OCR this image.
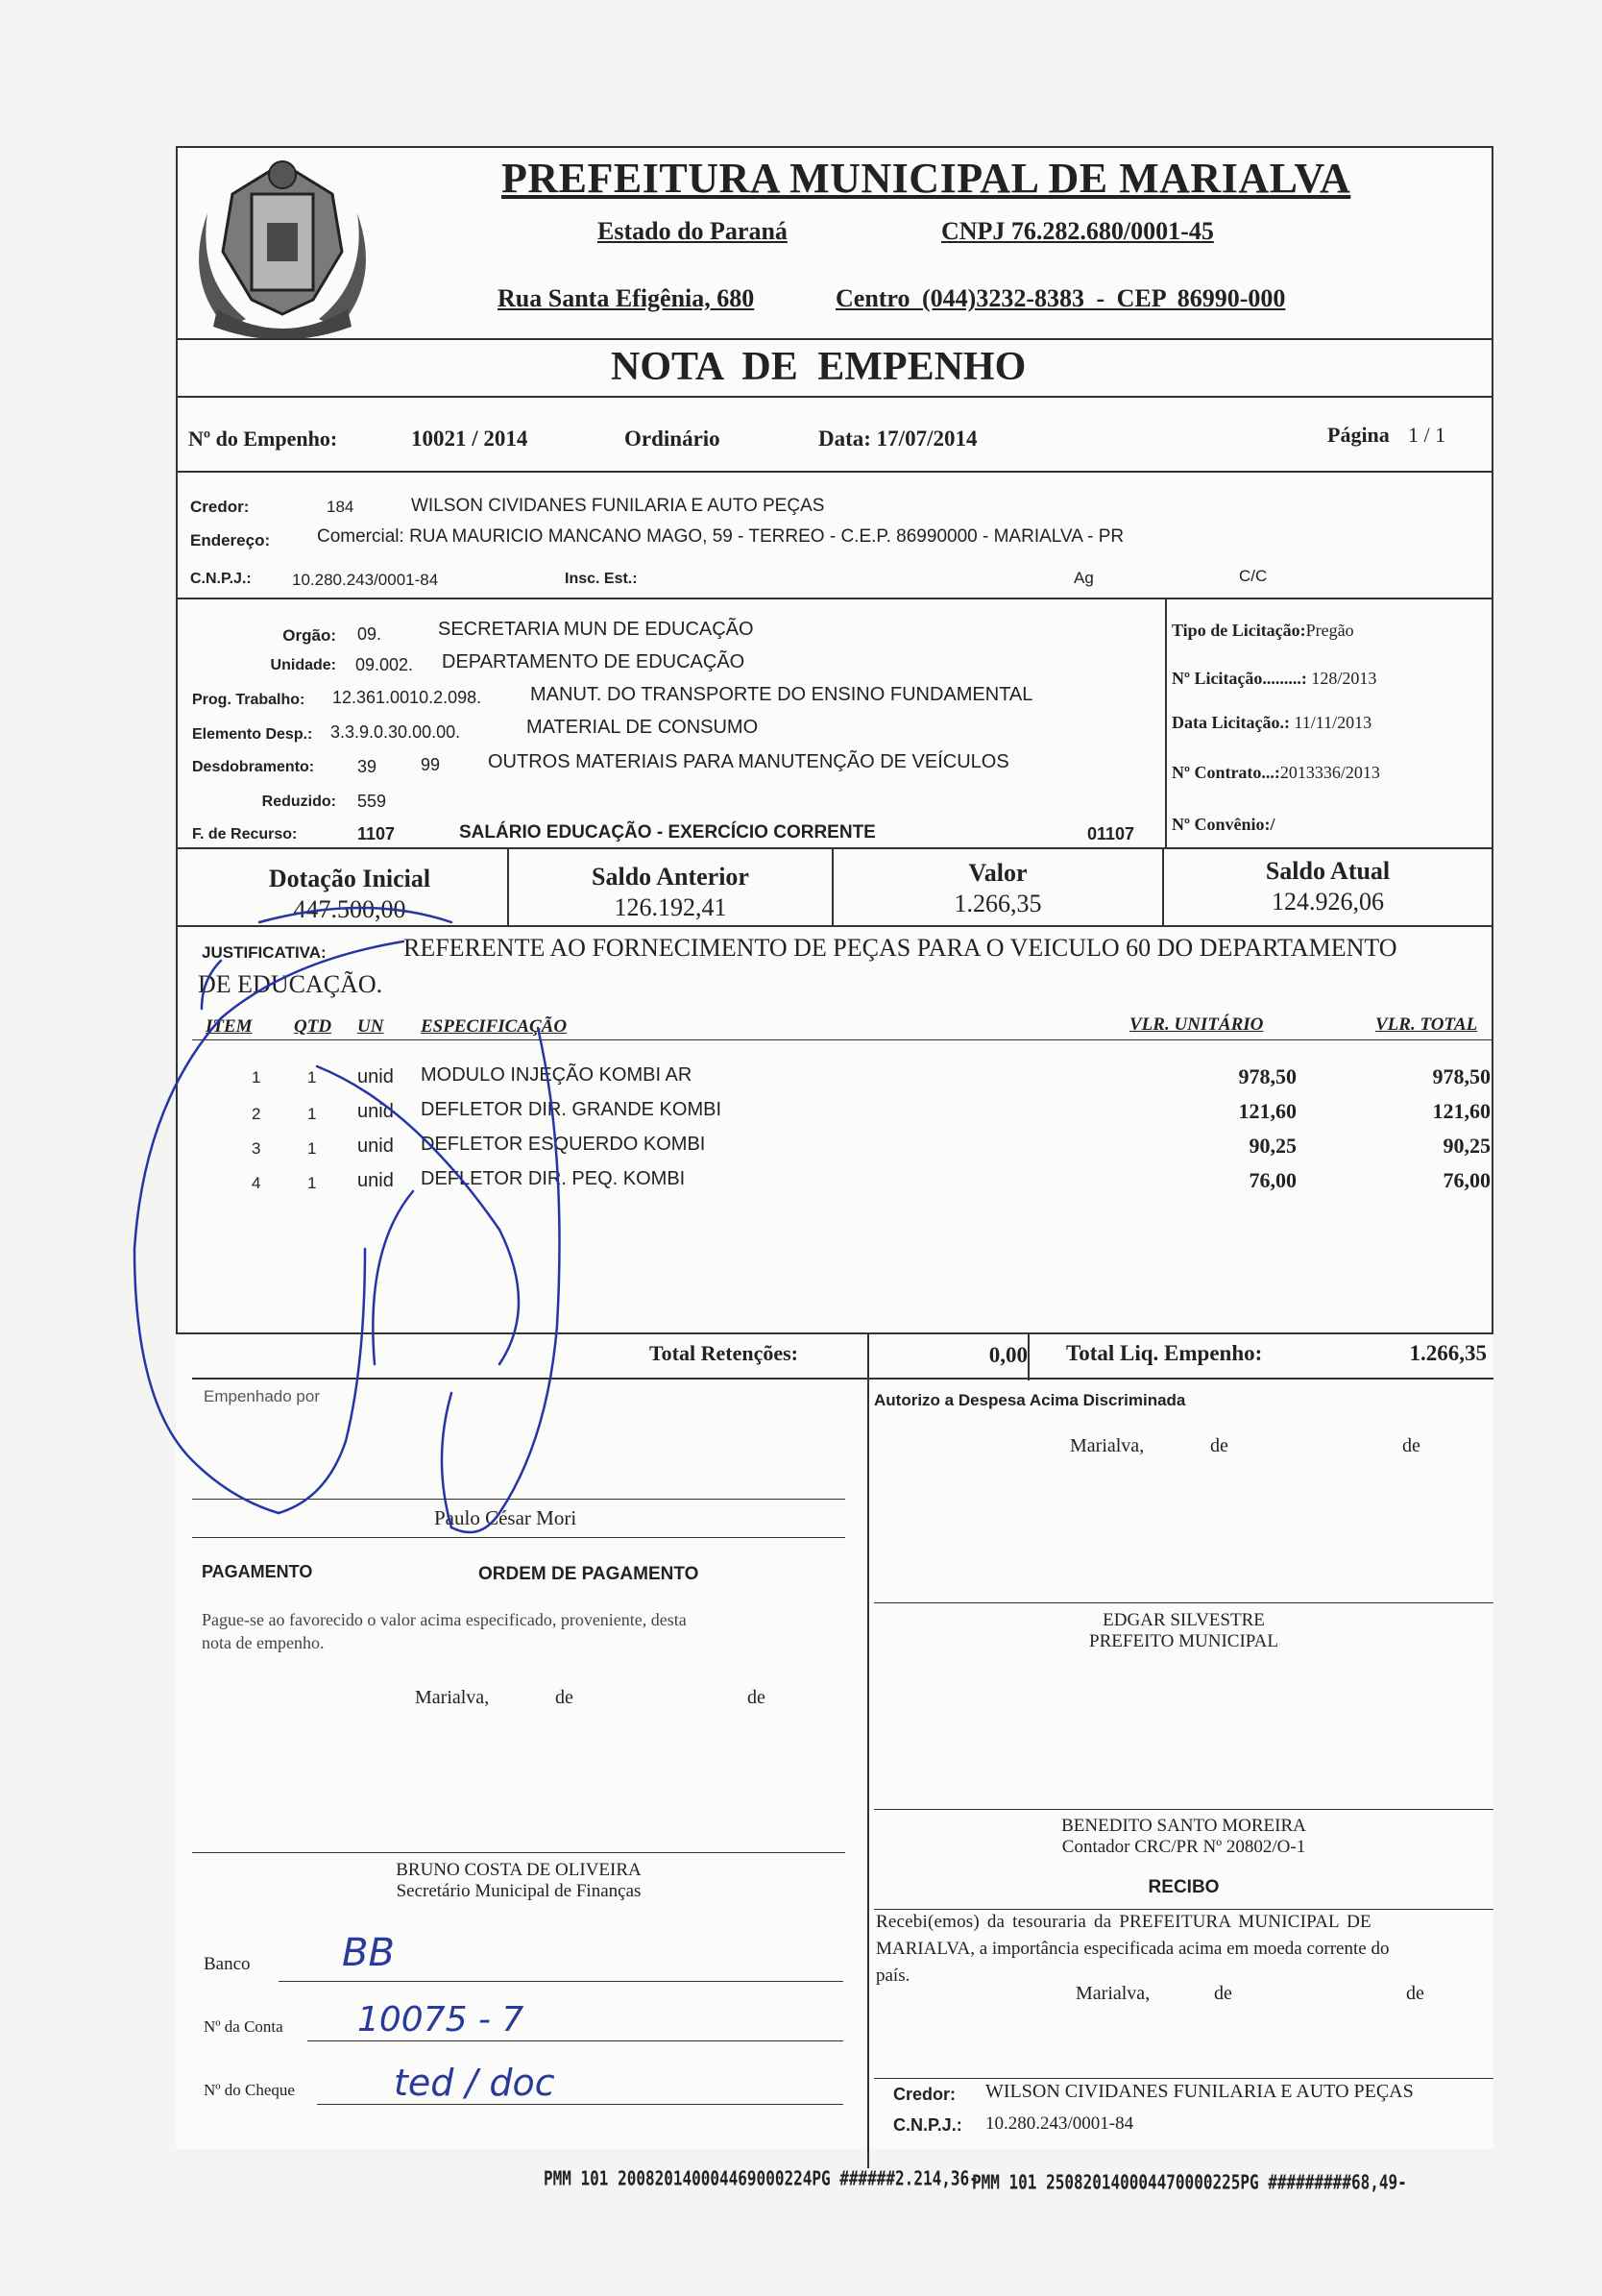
PREFEITURA MUNICIPAL DE MARIALVA
Estado do Paraná	CNPJ 76.282.680/0001-45
Rua Santa Efigênia, 680	Centro (044)3232-8383 - CEP 86990-000
NOTA DE EMPENHO
Nº do Empenho:	10021 / 2014	Ordinário	Data: 17/07/2014	Página 1 / 1
Credor:	184	WILSON CIVIDANES FUNILARIA E AUTO PEÇAS
Endereço:	Comercial: RUA MAURICIO MANCANO MAGO, 59 - TERREO - C.E.P. 86990000 - MARIALVA - PR
C.N.P.J.: 10.280.243/0001-84	Insc. Est.:	Ag	C/C
Orgão: 09.	SECRETARIA MUN DE EDUCAÇÃO
Unidade: 09.002. DEPARTAMENTO DE EDUCAÇÃO
Prog. Trabalho: 12.361.0010.2.098.	MANUT. DO TRANSPORTE DO ENSINO FUNDAMENTAL
Elemento Desp.: 3.3.9.0.30.00.00.	MATERIAL DE CONSUMO
Desdobramento: 39	99 OUTROS MATERIAIS PARA MANUTENÇÃO DE VEÍCULOS
Reduzido: 559
F. de Recurso:	1107	SALÁRIO EDUCAÇÃO - EXERCÍCIO CORRENTE	01107
Tipo de Licitação:Pregão
Nº Licitação.........: 128/2013
Data Licitação.: 11/11/2013
Nº Contrato...:2013336/2013
Nº Convênio:/
Dotação Inicial
447.500,00
Saldo Anterior
126.192,41
Valor
1.266,35
Saldo Atual
124.926,06
JUSTIFICATIVA:	REFERENTE AO FORNECIMENTO DE PEÇAS PARA O VEICULO 60 DO DEPARTAMENTO
DE EDUCAÇÃO.
ITEM QTD UN ESPECIFICAÇÃO	VLR. UNITÁRIO	VLR. TOTAL
1	1 unid MODULO INJEÇÃO KOMBI AR	978,50	978,50
2	1 unid DEFLETOR DIR. GRANDE KOMBI	121,60	121,60
3	1 unid DEFLETOR ESQUERDO KOMBI	90,25	90,25
4	1 unid DEFLETOR DIR. PEQ. KOMBI	76,00	76,00
Total Retenções:	0,00 Total Liq. Empenho:	1.266,35
Empenhado por
Paulo César Mori
PAGAMENTO	ORDEM DE PAGAMENTO
Pague-se ao favorecido o valor acima especificado, proveniente, desta
nota de empenho.
Marialva,	de	de
BRUNO COSTA DE OLIVEIRA
Secretário Municipal de Finanças
Banco BB
Nº da Conta 10075 - 7
Nº do Cheque	ted / doc
Autorizo a Despesa Acima Discriminada
Marialva,	de	de
EDGAR SILVESTRE
PREFEITO MUNICIPAL
BENEDITO SANTO MOREIRA
Contador CRC/PR Nº 20802/O-1
RECIBO
Recebi(emos) da tesouraria da PREFEITURA MUNICIPAL DE
MARIALVA, a importância especificada acima em moeda corrente do
país.
Marialva,	de	de
Credor: WILSON CIVIDANES FUNILARIA E AUTO PEÇAS
C.N.P.J.: 10.280.243/0001-84
PMM 101 200820140004469000224PG ######2.214,36-
PMM 101 250820140004470000225PG #########68,49-
